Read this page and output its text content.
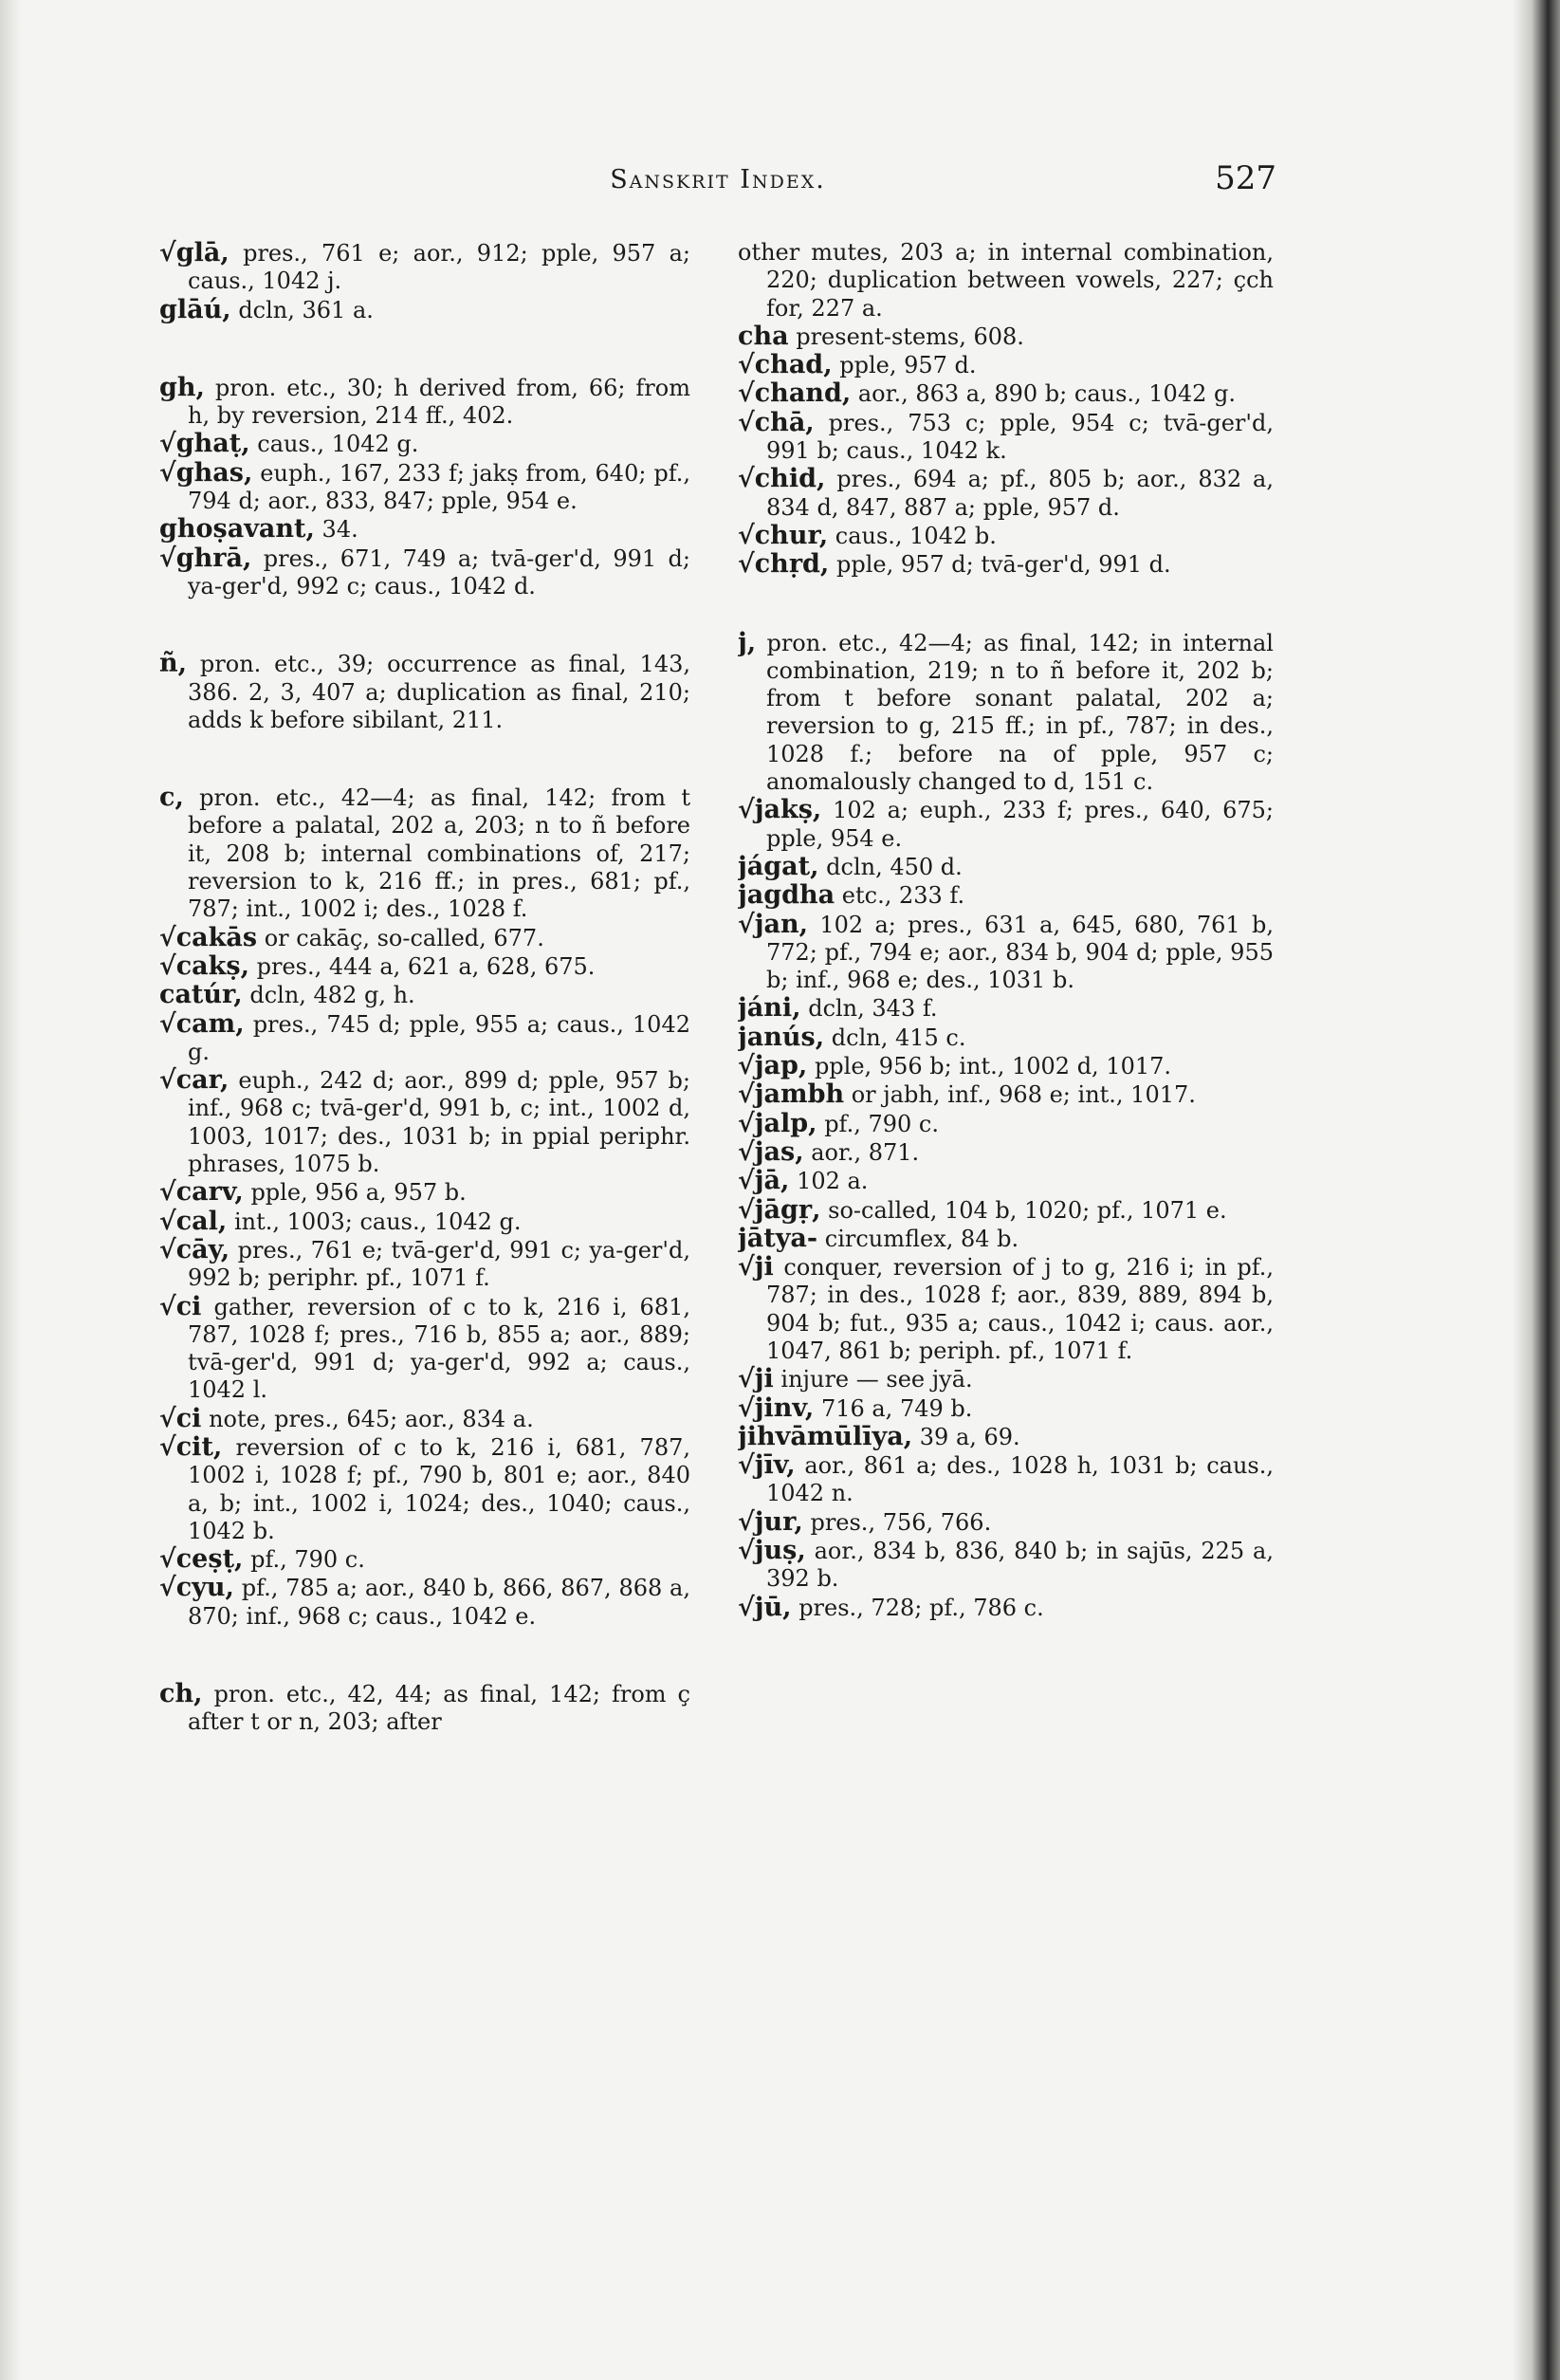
Sanskrit Index.	527

√glā, pres., 761 e; aor., 912; pple, 957 a; caus., 1042 j.

glāú, dcln, 361 a.

gh, pron. etc., 30; h derived from, 66; from h, by reversion, 214 ff., 402.

√ghaṭ, caus., 1042 g.

√ghas, euph., 167, 233 f; jakṣ from, 640; pf., 794 d; aor., 833, 847; pple, 954 e.

ghoṣavant, 34.

√ghrā, pres., 671, 749 a; tvā-ger'd, 991 d; ya-ger'd, 992 c; caus., 1042 d.

ñ, pron. etc., 39; occurrence as final, 143, 386. 2, 3, 407 a; duplication as final, 210; adds k before sibilant, 211.

c, pron. etc., 42—4; as final, 142; from t before a palatal, 202 a, 203; n to ñ before it, 208 b; internal combinations of, 217; reversion to k, 216 ff.; in pres., 681; pf., 787; int., 1002 i; des., 1028 f.

√cakās or cakāç, so-called, 677.

√cakṣ, pres., 444 a, 621 a, 628, 675.

catúr, dcln, 482 g, h.

√cam, pres., 745 d; pple, 955 a; caus., 1042 g.

√car, euph., 242 d; aor., 899 d; pple, 957 b; inf., 968 c; tvā-ger'd, 991 b, c; int., 1002 d, 1003, 1017; des., 1031 b; in ppial periphr. phrases, 1075 b.

√carv, pple, 956 a, 957 b.

√cal, int., 1003; caus., 1042 g.

√cāy, pres., 761 e; tvā-ger'd, 991 c; ya-ger'd, 992 b; periphr. pf., 1071 f.

√ci gather, reversion of c to k, 216 i, 681, 787, 1028 f; pres., 716 b, 855 a; aor., 889; tvā-ger'd, 991 d; ya-ger'd, 992 a; caus., 1042 l.

√ci note, pres., 645; aor., 834 a.

√cit, reversion of c to k, 216 i, 681, 787, 1002 i, 1028 f; pf., 790 b, 801 e; aor., 840 a, b; int., 1002 i, 1024; des., 1040; caus., 1042 b.

√ceṣṭ, pf., 790 c.

√cyu, pf., 785 a; aor., 840 b, 866, 867, 868 a, 870; inf., 968 c; caus., 1042 e.

ch, pron. etc., 42, 44; as final, 142; from ç after t or n, 203; after

other mutes, 203 a; in internal combination, 220; duplication between vowels, 227; çch for, 227 a.

cha present-stems, 608.

√chad, pple, 957 d.

√chand, aor., 863 a, 890 b; caus., 1042 g.

√chā, pres., 753 c; pple, 954 c; tvā-ger'd, 991 b; caus., 1042 k.

√chid, pres., 694 a; pf., 805 b; aor., 832 a, 834 d, 847, 887 a; pple, 957 d.

√chur, caus., 1042 b.

√chṛd, pple, 957 d; tvā-ger'd, 991 d.

j, pron. etc., 42—4; as final, 142; in internal combination, 219; n to ñ before it, 202 b; from t before sonant palatal, 202 a; reversion to g, 215 ff.; in pf., 787; in des., 1028 f.; before na of pple, 957 c; anomalously changed to d, 151 c.

√jakṣ, 102 a; euph., 233 f; pres., 640, 675; pple, 954 e.

jágat, dcln, 450 d.

jagdha etc., 233 f.

√jan, 102 a; pres., 631 a, 645, 680, 761 b, 772; pf., 794 e; aor., 834 b, 904 d; pple, 955 b; inf., 968 e; des., 1031 b.

jáni, dcln, 343 f.

janús, dcln, 415 c.

√jap, pple, 956 b; int., 1002 d, 1017.

√jambh or jabh, inf., 968 e; int., 1017.

√jalp, pf., 790 c.

√jas, aor., 871.

√jā, 102 a.

√jāgṛ, so-called, 104 b, 1020; pf., 1071 e.

jātya- circumflex, 84 b.

√ji conquer, reversion of j to g, 216 i; in pf., 787; in des., 1028 f; aor., 839, 889, 894 b, 904 b; fut., 935 a; caus., 1042 i; caus. aor., 1047, 861 b; periph. pf., 1071 f.

√ji injure — see jyā.

√jinv, 716 a, 749 b.

jihvāmūlīya, 39 a, 69.

√jīv, aor., 861 a; des., 1028 h, 1031 b; caus., 1042 n.

√jur, pres., 756, 766.

√juṣ, aor., 834 b, 836, 840 b; in sajūs, 225 a, 392 b.

√jū, pres., 728; pf., 786 c.
